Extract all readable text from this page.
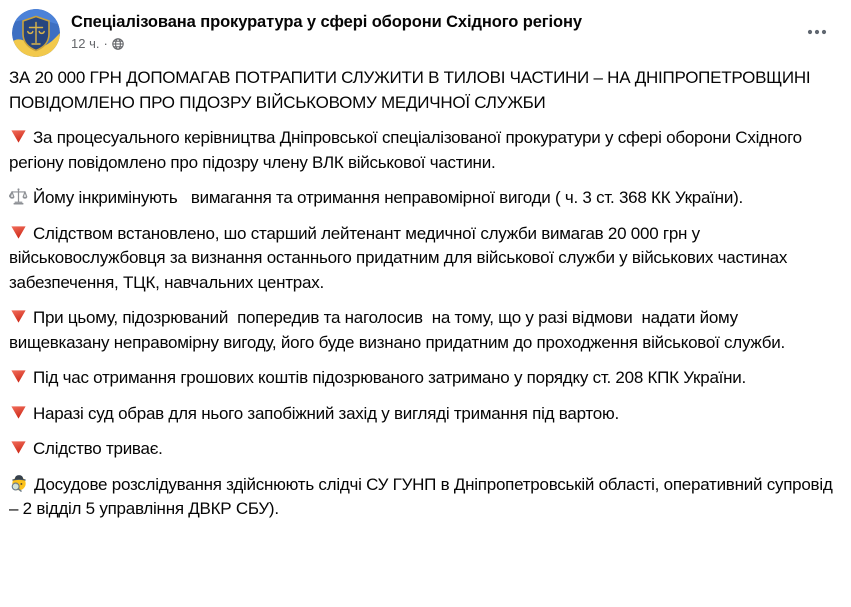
Спеціалізована прокуратура у сфері оборони Східного регіону
12 ч. ·

ЗА 20 000 ГРН ДОПОМАГАВ ПОТРАПИТИ СЛУЖИТИ В ТИЛОВІ ЧАСТИНИ – НА ДНІПРОПЕТРОВЩИНІ ПОВІДОМЛЕНО ПРО ПІДОЗРУ ВІЙСЬКОВОМУ МЕДИЧНОЇ СЛУЖБИ

За процесуального керівництва Дніпровської спеціалізованої прокуратури у сфері оборони Східного регіону повідомлено про підозру члену ВЛК військової частини.

Йому інкримінують   вимагання та отримання неправомірної вигоди ( ч. 3 ст. 368 КК України).

Слідством встановлено, шо старший лейтенант медичної служби вимагав 20 000 грн у військовослужбовця за визнання останнього придатним для військової служби у військових частинах забезпечення, ТЦК, навчальних центрах.

При цьому, підозрюваний  попередив та наголосив  на тому, що у разі відмови  надати йому вищевказану неправомірну вигоду, його буде визнано придатним до проходження військової служби.

Під час отримання грошових коштів підозрюваного затримано у порядку ст. 208 КПК України.

Наразі суд обрав для нього запобіжний захід у вигляді тримання під вартою.

Слідство триває.

Досудове розслідування здійснюють слідчі СУ ГУНП в Дніпропетровській області, оперативний супровід – 2 відділ 5 управління ДВКР СБУ).
